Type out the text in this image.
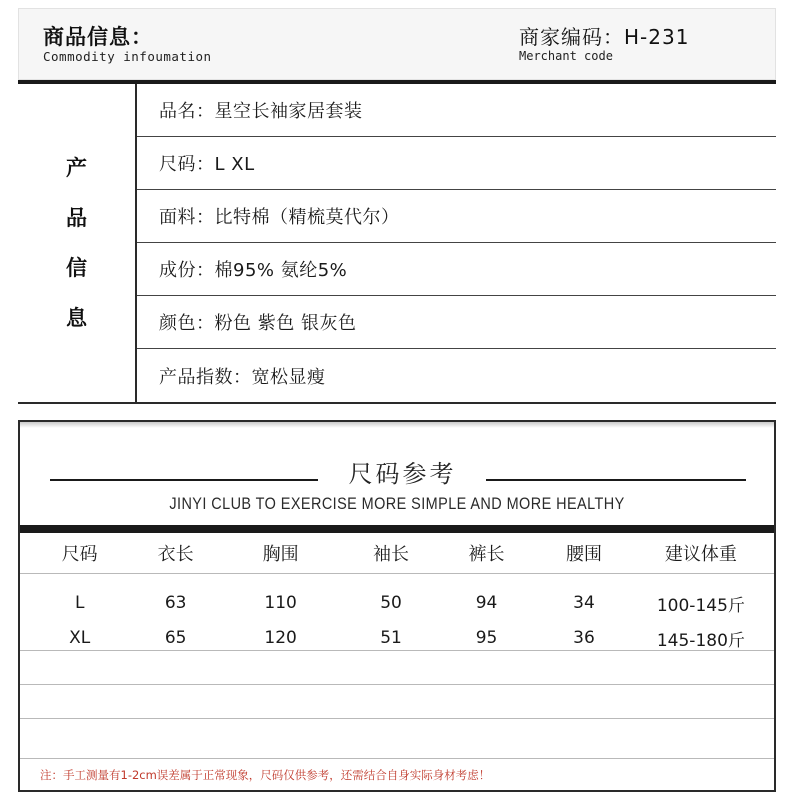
商品信息：
Commodity infoumation
商家编码：H-231
Merchant code
产
品
信
息
品名：星空长袖家居套装
尺码：L XL
面料：比特棉（精梳莫代尔）
成份：棉95% 氨纶5%
颜色：粉色 紫色 银灰色
产品指数：宽松显瘦
尺码参考
JINYI CLUB TO EXERCISE MORE SIMPLE AND MORE HEALTHY
尺码	衣长	胸围	袖长	裤长	腰围	建议体重
L	63	110	50	94	34	100-145斤
XL	65	120	51	95	36	145-180斤
注：手工测量有1-2cm误差属于正常现象，尺码仅供参考，还需结合自身实际身材考虑！
